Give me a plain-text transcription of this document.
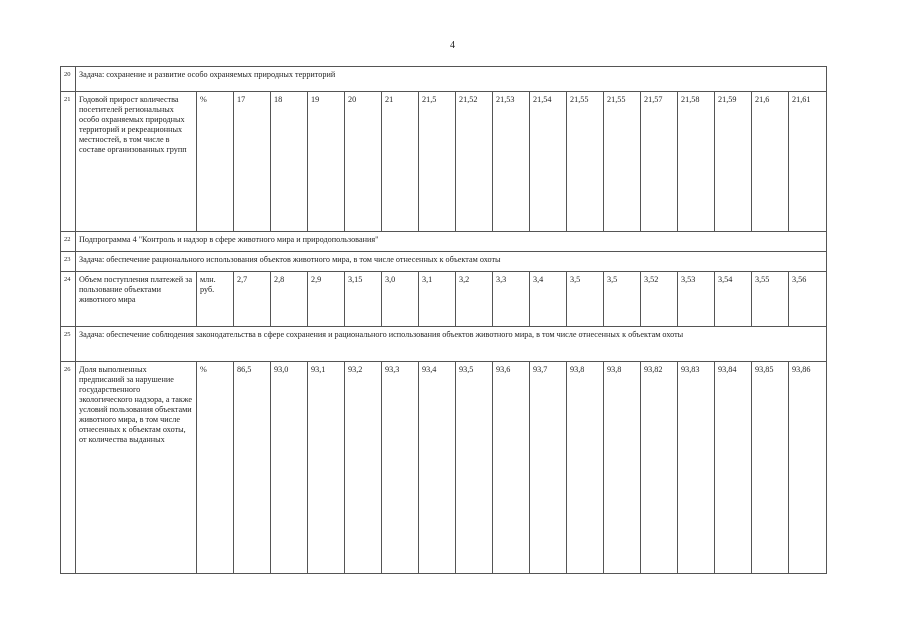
4
20	Задача: сохранение и развитие особо охраняемых природных территорий																	
21	Годовой прирост количества посетителей региональных особо охраняемых природных территорий и рекреационных местностей, в том числе в составе организованных групп	%	17	18	19	20	21	21,5	21,52	21,53	21,54	21,55	21,55	21,57	21,58	21,59	21,6	21,61
22	Подпрограмма 4 "Контроль и надзор в сфере животного мира и природопользования"																	
23	Задача: обеспечение рационального использования объектов животного мира, в том числе отнесенных к объектам охоты																	
24	Объем поступления платежей за пользование объектами животного мира	млн. руб.	2,7	2,8	2,9	3,15	3,0	3,1	3,2	3,3	3,4	3,5	3,5	3,52	3,53	3,54	3,55	3,56
25	Задача: обеспечение соблюдения законодательства в сфере сохранения и рационального использования объектов животного мира, в том числе отнесенных к объектам охоты																	
26	Доля выполненных предписаний за нарушение государственного экологического надзора, а также условий пользования объектами животного мира, в том числе отнесенных к объектам охоты, от количества выданных	%	86,5	93,0	93,1	93,2	93,3	93,4	93,5	93,6	93,7	93,8	93,8	93,82	93,83	93,84	93,85	93,86
